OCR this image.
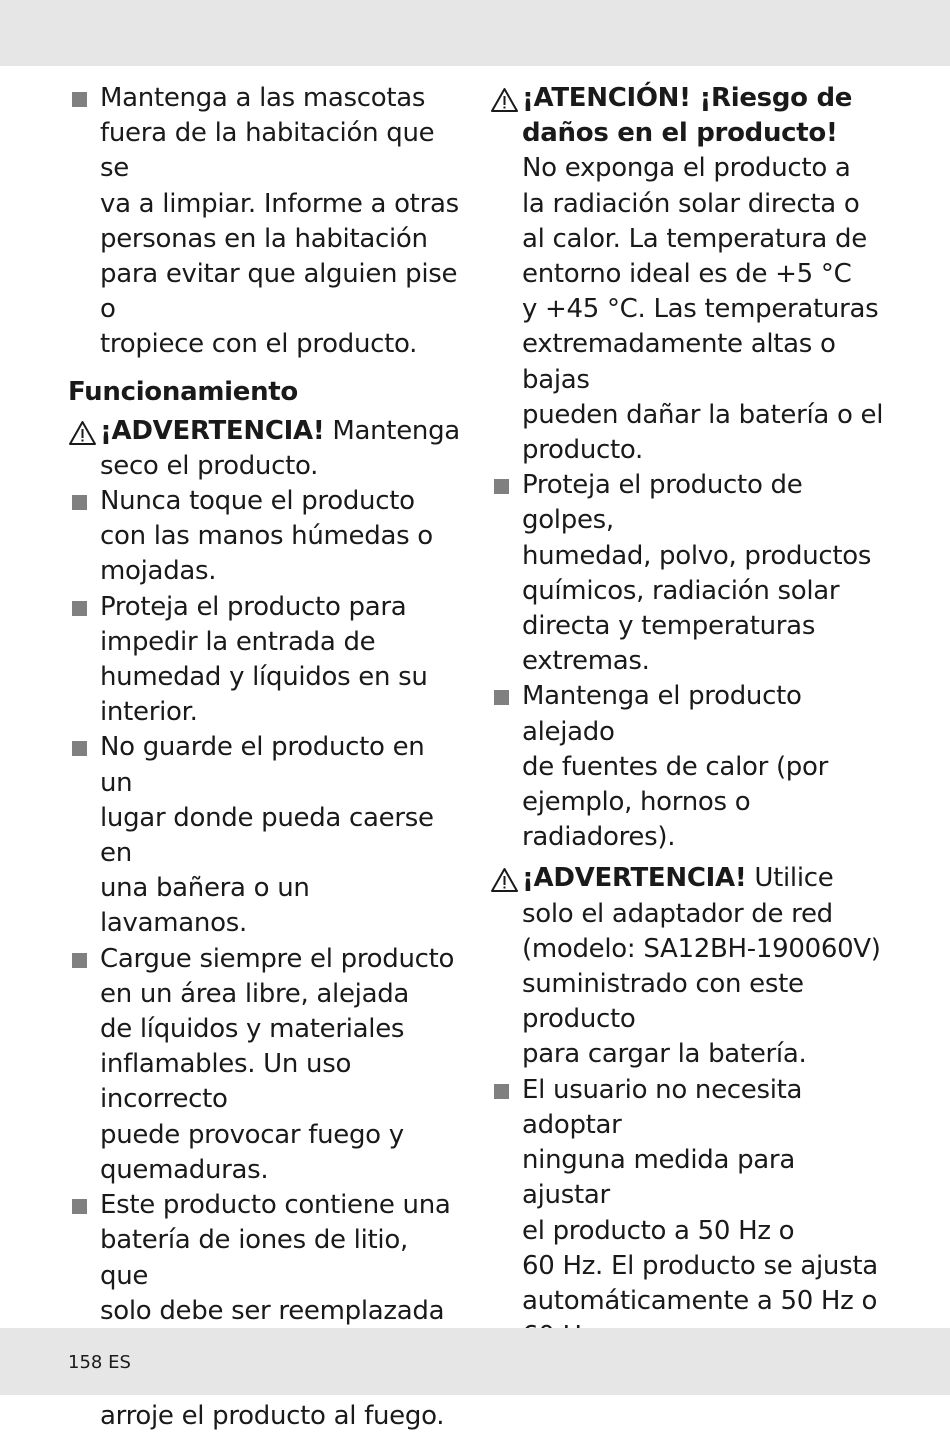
Mantenga a las mascotas
fuera de la habitación que se
va a limpiar. Informe a otras
personas en la habitación
para evitar que alguien pise o
tropiece con el producto.
Funcionamiento
¡ADVERTENCIA! Mantenga
seco el producto.
Nunca toque el producto
con las manos húmedas o
mojadas.
Proteja el producto para
impedir la entrada de
humedad y líquidos en su
interior.
No guarde el producto en un
lugar donde pueda caerse en
una bañera o un lavamanos.
Cargue siempre el producto
en un área libre, alejada
de líquidos y materiales
inflamables. Un uso incorrecto
puede provocar fuego y
quemaduras.
Este producto contiene una
batería de iones de litio, que
solo debe ser reemplazada
arroje el producto al fuego.
¡ATENCIÓN! ¡Riesgo de
daños en el producto!
No exponga el producto a
la radiación solar directa o
al calor. La temperatura de
entorno ideal es de +5 °C
y +45 °C. Las temperaturas
extremadamente altas o bajas
pueden dañar la batería o el
producto.
Proteja el producto de golpes,
humedad, polvo, productos
químicos, radiación solar
directa y temperaturas
extremas.
Mantenga el producto alejado
de fuentes de calor (por
ejemplo, hornos o radiadores).
¡ADVERTENCIA! Utilice
solo el adaptador de red
(modelo: SA12BH-190060V)
suministrado con este producto
para cargar la batería.
El usuario no necesita adoptar
ninguna medida para ajustar
el producto a 50 Hz o
60 Hz. El producto se ajusta
automáticamente a 50 Hz o
158 ES
